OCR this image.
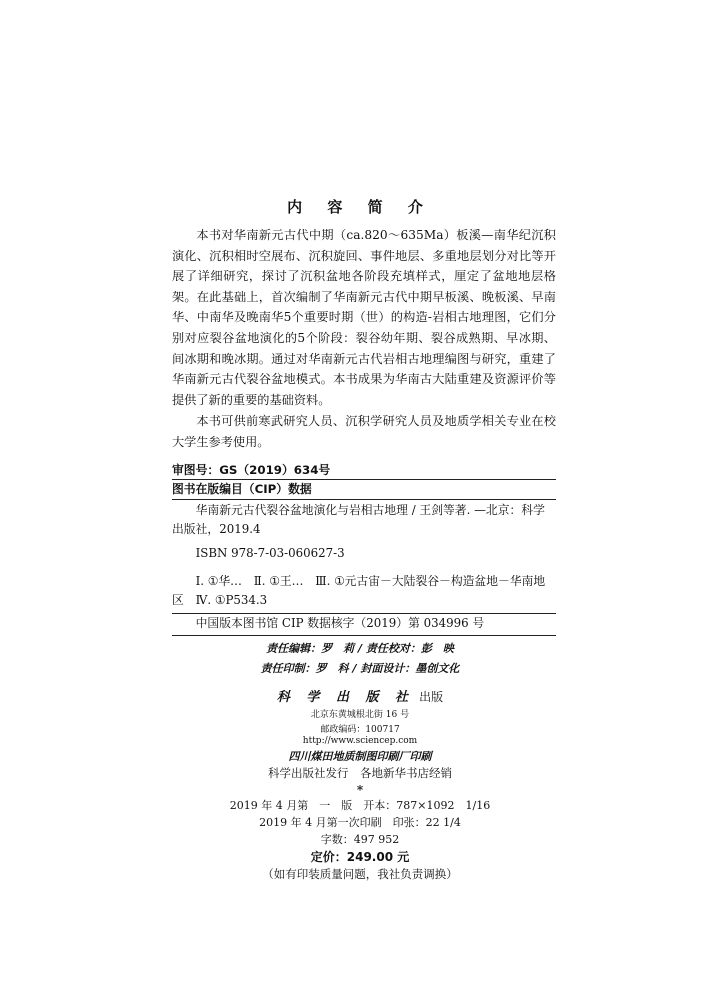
内 容 简 介

本书对华南新元古代中期（ca.820～635Ma）板溪—南华纪沉积演化、沉积相时空展布、沉积旋回、事件地层、多重地层划分对比等开展了详细研究，探讨了沉积盆地各阶段充填样式，厘定了盆地地层格架。在此基础上，首次编制了华南新元古代中期早板溪、晚板溪、早南华、中南华及晚南华5个重要时期（世）的构造-岩相古地理图，它们分别对应裂谷盆地演化的5个阶段：裂谷幼年期、裂谷成熟期、早冰期、间冰期和晚冰期。通过对华南新元古代岩相古地理编图与研究，重建了华南新元古代裂谷盆地模式。本书成果为华南古大陆重建及资源评价等提供了新的重要的基础资料。

本书可供前寒武研究人员、沉积学研究人员及地质学相关专业在校大学生参考使用。

审图号：GS（2019）634号
图书在版编目（CIP）数据
华南新元古代裂谷盆地演化与岩相古地理 / 王剑等著. —北京：科学出版社，2019.4
ISBN 978-7-03-060627-3
Ⅰ. ①华…　Ⅱ. ①王…　Ⅲ. ①元古宙－大陆裂谷－构造盆地－华南地区　Ⅳ. ①P534.3
中国版本图书馆 CIP 数据核字（2019）第 034996 号
责任编辑：罗　莉 / 责任校对：彭　映
责任印制：罗　科 / 封面设计：墨创文化
科 学 出 版 社 出版
北京东黄城根北街 16 号
邮政编码：100717
http://www.sciencep.com
四川煤田地质制图印刷厂印刷
科学出版社发行　各地新华书店经销
*
2019 年 4 月第　一　版　开本：787×1092　1/16
2019 年 4 月第一次印刷　印张：22 1/4
字数：497 952
定价：249.00 元
（如有印装质量问题，我社负责调换）
